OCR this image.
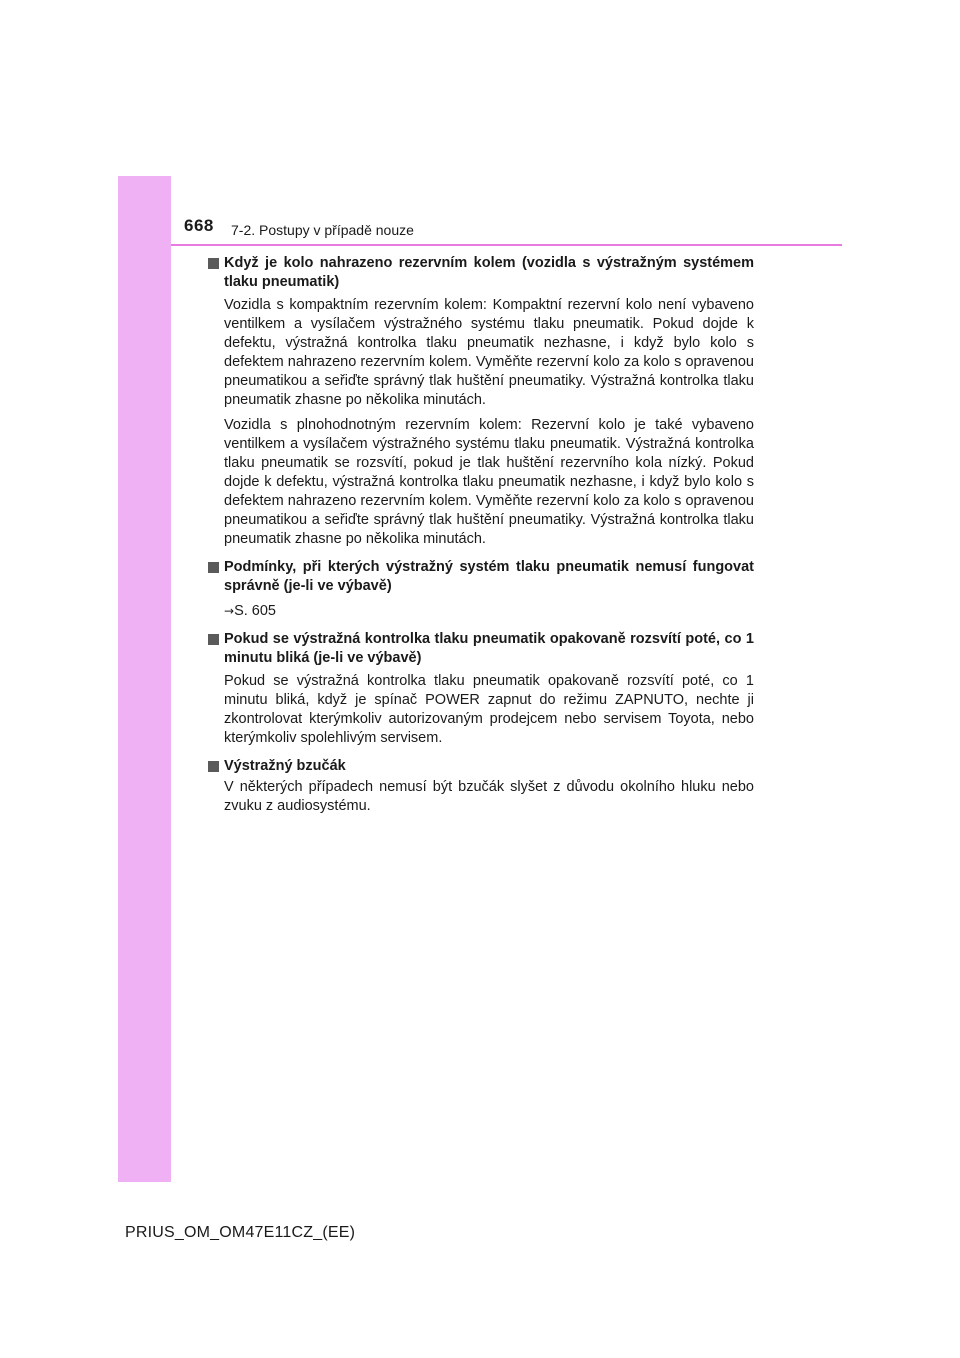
668 7-2. Postupy v případě nouze
Když je kolo nahrazeno rezervním kolem (vozidla s výstražným systémem tlaku pneumatik)
Vozidla s kompaktním rezervním kolem: Kompaktní rezervní kolo není vybaveno ventilkem a vysílačem výstražného systému tlaku pneumatik. Pokud dojde k defektu, výstražná kontrolka tlaku pneumatik nezhasne, i když bylo kolo s defektem nahrazeno rezervním kolem. Vyměňte rezervní kolo za kolo s opravenou pneumatikou a seřiďte správný tlak huštění pneumatiky. Výstražná kontrolka tlaku pneumatik zhasne po několika minutách.
Vozidla s plnohodnotným rezervním kolem: Rezervní kolo je také vybaveno ventilkem a vysílačem výstražného systému tlaku pneumatik. Výstražná kontrolka tlaku pneumatik se rozsvítí, pokud je tlak huštění rezervního kola nízký. Pokud dojde k defektu, výstražná kontrolka tlaku pneumatik nezhasne, i když bylo kolo s defektem nahrazeno rezervním kolem. Vyměňte rezervní kolo za kolo s opravenou pneumatikou a seřiďte správný tlak huštění pneumatiky. Výstražná kontrolka tlaku pneumatik zhasne po několika minutách.
Podmínky, při kterých výstražný systém tlaku pneumatik nemusí fungovat správně (je-li ve výbavě)
→S. 605
Pokud se výstražná kontrolka tlaku pneumatik opakovaně rozsvítí poté, co 1 minutu bliká (je-li ve výbavě)
Pokud se výstražná kontrolka tlaku pneumatik opakovaně rozsvítí poté, co 1 minutu bliká, když je spínač POWER zapnut do režimu ZAPNUTO, nechte ji zkontrolovat kterýmkoliv autorizovaným prodejcem nebo servisem Toyota, nebo kterýmkoliv spolehlivým servisem.
Výstražný bzučák
V některých případech nemusí být bzučák slyšet z důvodu okolního hluku nebo zvuku z audiosystému.
PRIUS_OM_OM47E11CZ_(EE)
